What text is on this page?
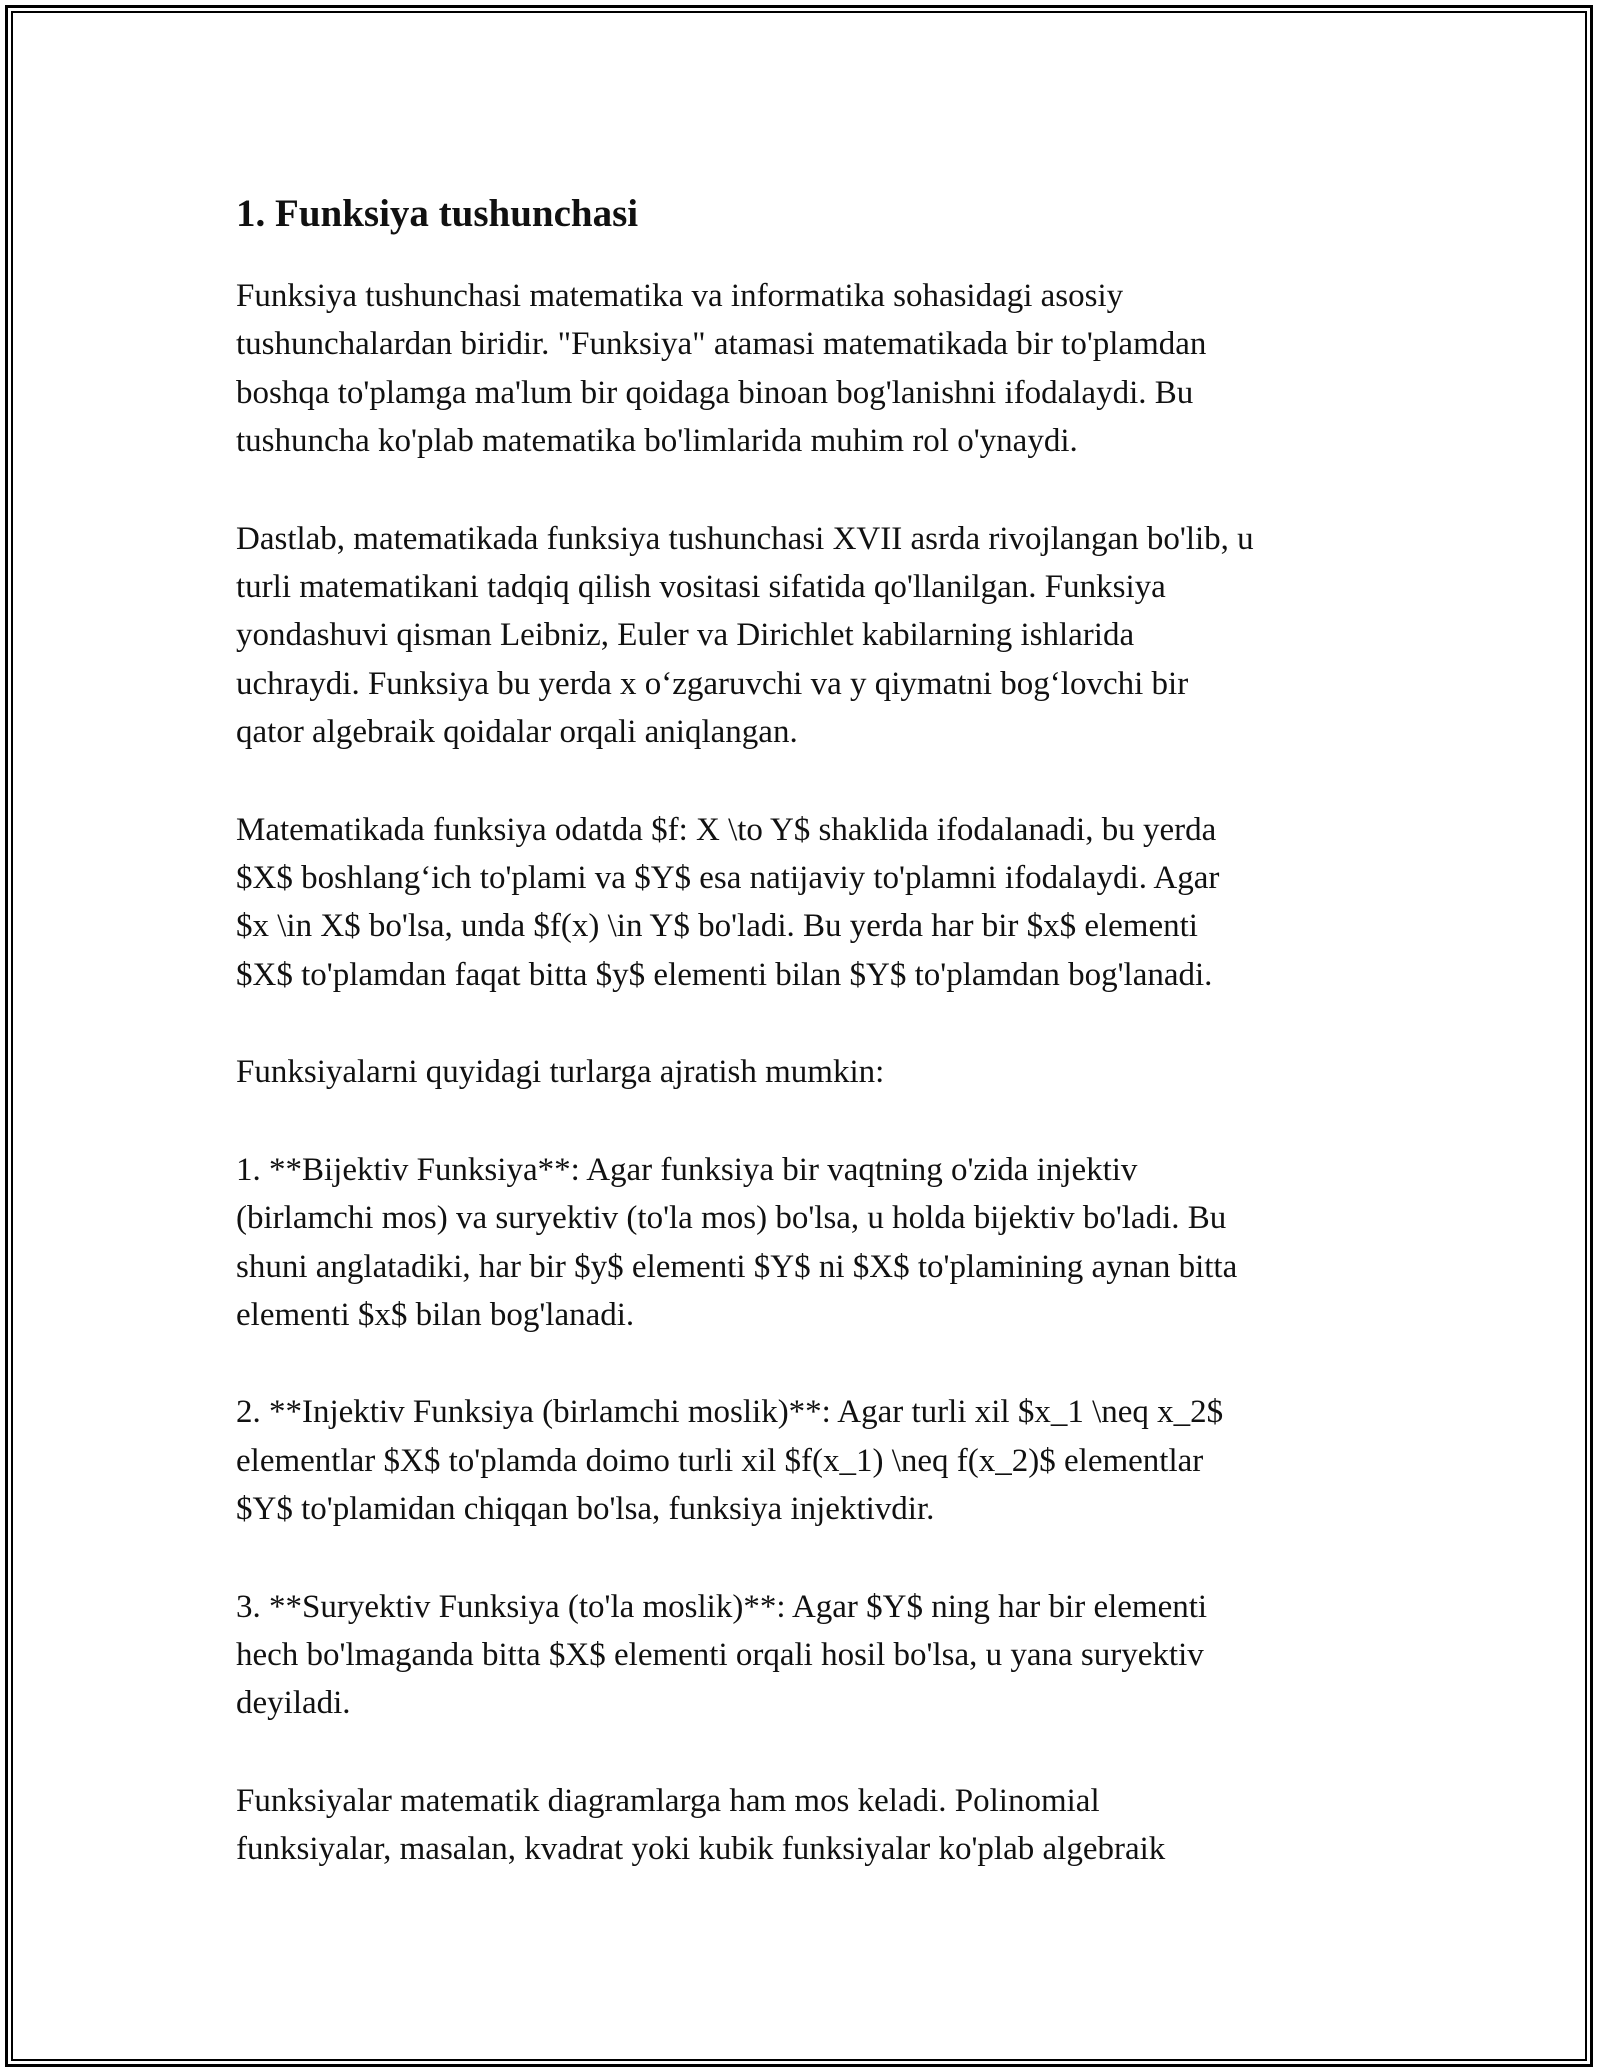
1. Funksiya tushunchasi

Funksiya tushunchasi matematika va informatika sohasidagi asosiy
tushunchalardan biridir. "Funksiya" atamasi matematikada bir to'plamdan
boshqa to'plamga ma'lum bir qoidaga binoan bog'lanishni ifodalaydi. Bu
tushuncha ko'plab matematika bo'limlarida muhim rol o'ynaydi.

Dastlab, matematikada funksiya tushunchasi XVII asrda rivojlangan bo'lib, u
turli matematikani tadqiq qilish vositasi sifatida qo'llanilgan. Funksiya
yondashuvi qisman Leibniz, Euler va Dirichlet kabilarning ishlarida
uchraydi. Funksiya bu yerda x o‘zgaruvchi va y qiymatni bog‘lovchi bir
qator algebraik qoidalar orqali aniqlangan.

Matematikada funksiya odatda $f: X \to Y$ shaklida ifodalanadi, bu yerda
$X$ boshlang‘ich to'plami va $Y$ esa natijaviy to'plamni ifodalaydi. Agar
$x \in X$ bo'lsa, unda $f(x) \in Y$ bo'ladi. Bu yerda har bir $x$ elementi
$X$ to'plamdan faqat bitta $y$ elementi bilan $Y$ to'plamdan bog'lanadi.

Funksiyalarni quyidagi turlarga ajratish mumkin:

1. **Bijektiv Funksiya**: Agar funksiya bir vaqtning o'zida injektiv
(birlamchi mos) va suryektiv (to'la mos) bo'lsa, u holda bijektiv bo'ladi. Bu
shuni anglatadiki, har bir $y$ elementi $Y$ ni $X$ to'plamining aynan bitta
elementi $x$ bilan bog'lanadi.

2. **Injektiv Funksiya (birlamchi moslik)**: Agar turli xil $x_1 \neq x_2$
elementlar $X$ to'plamda doimo turli xil $f(x_1) \neq f(x_2)$ elementlar
$Y$ to'plamidan chiqqan bo'lsa, funksiya injektivdir.

3. **Suryektiv Funksiya (to'la moslik)**: Agar $Y$ ning har bir elementi
hech bo'lmaganda bitta $X$ elementi orqali hosil bo'lsa, u yana suryektiv
deyiladi.

Funksiyalar matematik diagramlarga ham mos keladi. Polinomial
funksiyalar, masalan, kvadrat yoki kubik funksiyalar ko'plab algebraik
